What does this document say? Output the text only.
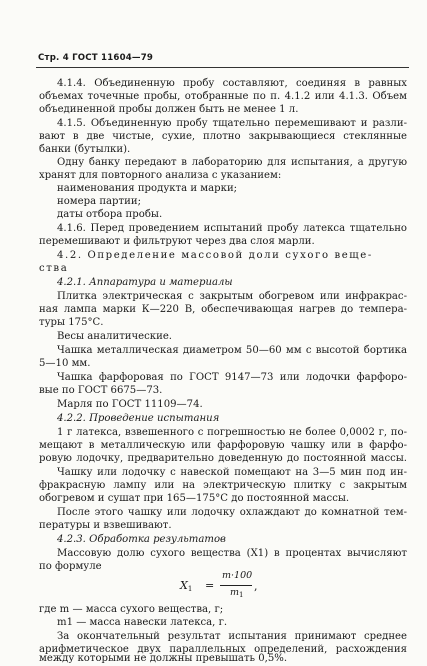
Стр. 4 ГОСТ 11604—79
4.1.4. Объединенную пробу составляют, соединяя в равных
объемах точечные пробы, отобранные по п. 4.1.2 или 4.1.3. Объем
объединенной пробы должен быть не менее 1 л.
4.1.5. Объединенную пробу тщательно перемешивают и разли-
вают в две чистые, сухие, плотно закрывающиеся стеклянные
банки (бутылки).
Одну банку передают в лабораторию для испытания, а другую
хранят для повторного анализа с указанием:
наименования продукта и марки;
номера партии;
даты отбора пробы.
4.1.6. Перед проведением испытаний пробу латекса тщательно
перемешивают и фильтруют через два слоя марли.
4.2. Определение массовой доли сухого веще-
ства
4.2.1. Аппаратура и материалы
Плитка электрическая с закрытым обогревом или инфракрас-
ная лампа марки К—220 В, обеспечивающая нагрев до темпера-
туры 175°С.
Весы аналитические.
Чашка металлическая диаметром 50—60 мм с высотой бортика
5—10 мм.
Чашка фарфоровая по ГОСТ 9147—73 или лодочки фарфоро-
вые по ГОСТ 6675—73.
Марля по ГОСТ 11109—74.
4.2.2. Проведение испытания
1 г латекса, взвешенного с погрешностью не более 0,0002 г, по-
мещают в металлическую или фарфоровую чашку или в фарфо-
ровую лодочку, предварительно доведенную до постоянной массы.
Чашку или лодочку с навеской помещают на 3—5 мин под ин-
фракрасную лампу или на электрическую плитку с закрытым
обогревом и сушат при 165—175°С до постоянной массы.
После этого чашку или лодочку охлаждают до комнатной тем-
пературы и взвешивают.
4.2.3. Обработка результатов
Массовую долю сухого вещества (X1) в процентах вычисляют
по формуле
$X_1$ =
m·100
$m_1$
,
где m — масса сухого вещества, г;
m1 — масса навески латекса, г.
За окончательный результат испытания принимают среднее
арифметическое двух параллельных определений, расхождения
между которыми не должны превышать 0,5%.
